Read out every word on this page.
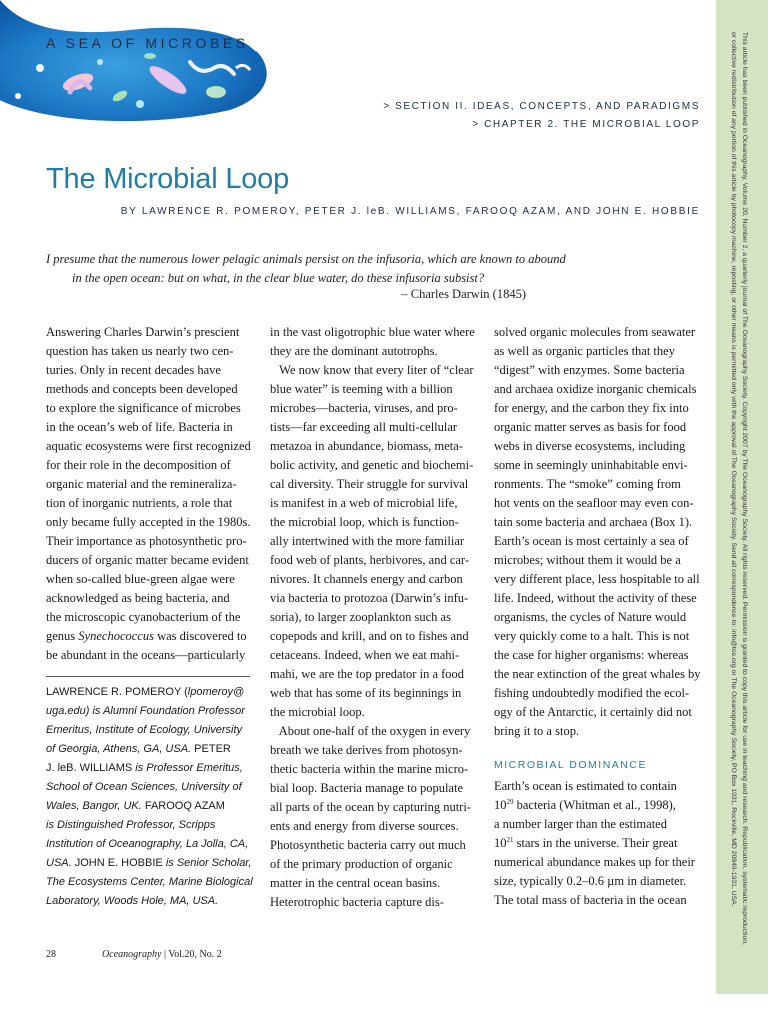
A SEA OF MICROBES
> SECTION II. IDEAS, CONCEPTS, AND PARADIGMS
> CHAPTER 2. THE MICROBIAL LOOP
The Microbial Loop
BY LAWRENCE R. POMEROY, PETER J. leB. WILLIAMS, FAROOQ AZAM, AND JOHN E. HOBBIE
I presume that the numerous lower pelagic animals persist on the infusoria, which are known to abound
in the open ocean: but on what, in the clear blue water, do these infusoria subsist?
– Charles Darwin (1845)
Answering Charles Darwin’s prescient
question has taken us nearly two cen-
turies. Only in recent decades have
methods and concepts been developed
to explore the significance of microbes
in the ocean’s web of life. Bacteria in
aquatic ecosystems were first recognized
for their role in the decomposition of
organic material and the remineraliza-
tion of inorganic nutrients, a role that
only became fully accepted in the 1980s.
Their importance as photosynthetic pro-
ducers of organic matter became evident
when so-called blue-green algae were
acknowledged as being bacteria, and
the microscopic cyanobacterium of the
genus Synechococcus was discovered to
be abundant in the oceans—particularly
LAWRENCE R. POMEROY (lpomeroy@
uga.edu) is Alumni Foundation Professor
Emeritus, Institute of Ecology, University
of Georgia, Athens, GA, USA. PETER
J. leB. WILLIAMS is Professor Emeritus,
School of Ocean Sciences, University of
Wales, Bangor, UK. FAROOQ AZAM
is Distinguished Professor, Scripps
Institution of Oceanography, La Jolla, CA,
USA. JOHN E. HOBBIE is Senior Scholar,
The Ecosystems Center, Marine Biological
Laboratory, Woods Hole, MA, USA.
in the vast oligotrophic blue water where
they are the dominant autotrophs.
We now know that every liter of “clear
blue water” is teeming with a billion
microbes—bacteria, viruses, and pro-
tists—far exceeding all multi-cellular
metazoa in abundance, biomass, meta-
bolic activity, and genetic and biochemi-
cal diversity. Their struggle for survival
is manifest in a web of microbial life,
the microbial loop, which is function-
ally intertwined with the more familiar
food web of plants, herbivores, and car-
nivores. It channels energy and carbon
via bacteria to protozoa (Darwin’s infu-
soria), to larger zooplankton such as
copepods and krill, and on to fishes and
cetaceans. Indeed, when we eat mahi-
mahi, we are the top predator in a food
web that has some of its beginnings in
the microbial loop.
About one-half of the oxygen in every
breath we take derives from photosyn-
thetic bacteria within the marine micro-
bial loop. Bacteria manage to populate
all parts of the ocean by capturing nutri-
ents and energy from diverse sources.
Photosynthetic bacteria carry out much
of the primary production of organic
matter in the central ocean basins.
Heterotrophic bacteria capture dis-
solved organic molecules from seawater
as well as organic particles that they
“digest” with enzymes. Some bacteria
and archaea oxidize inorganic chemicals
for energy, and the carbon they fix into
organic matter serves as basis for food
webs in diverse ecosystems, including
some in seemingly uninhabitable envi-
ronments. The “smoke” coming from
hot vents on the seafloor may even con-
tain some bacteria and archaea (Box 1).
Earth’s ocean is most certainly a sea of
microbes; without them it would be a
very different place, less hospitable to all
life. Indeed, without the activity of these
organisms, the cycles of Nature would
very quickly come to a halt. This is not
the case for higher organisms: whereas
the near extinction of the great whales by
fishing undoubtedly modified the ecol-
ogy of the Antarctic, it certainly did not
bring it to a stop.
MICROBIAL DOMINANCE
Earth’s ocean is estimated to contain
$10^{29}$ bacteria (Whitman et al., 1998),
a number larger than the estimated
$10^{21}$ stars in the universe. Their great
numerical abundance makes up for their
size, typically 0.2–0.6 µm in diameter.
The total mass of bacteria in the ocean
28	Oceanography | Vol.20, No. 2
This article has been published in Oceanography, Volume 20, Number 2, a quarterly journal of The Oceanography Society. Copyright 2007 by The Oceanography Society. All rights reserved. Permission is granted to copy this article for use in teaching and research. Republication, systematic reproduction,
or collective redistribution of any portion of this article by photocopy machine, reposting, or other means is permitted only with the approval of The Oceanography Society. Send all correspondence to: info@tos.org or The Oceanography Society, PO Box 1931, Rockville, MD 20849-1931, USA.
